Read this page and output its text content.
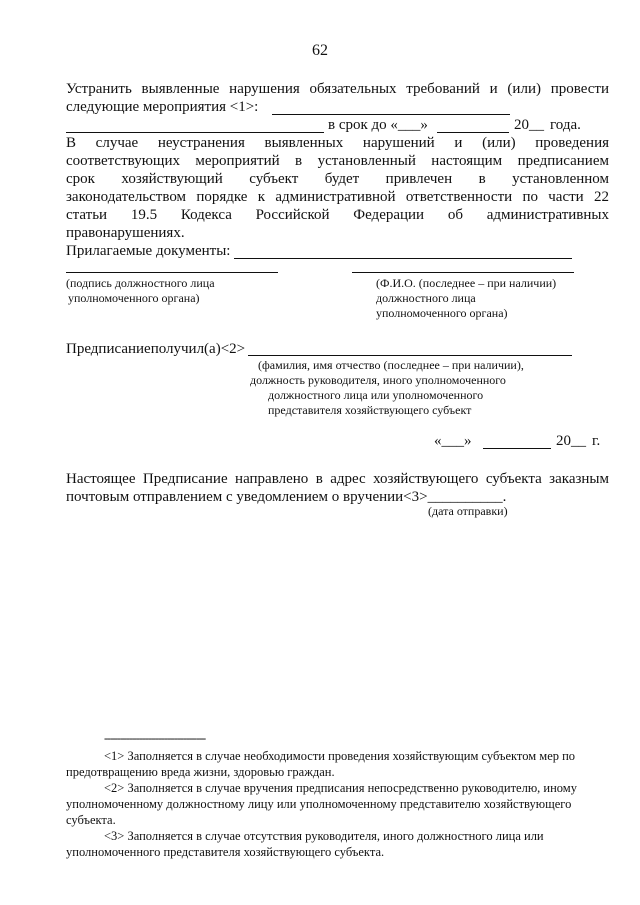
62
Устранить выявленные нарушения обязательных требований и (или) провести
следующие мероприятия <1>:
в срок до «___»	20__ года.
В случае неустранения выявленных нарушений и (или) проведения
соответствующих мероприятий в установленный настоящим предписанием
срок хозяйствующий субъект будет привлечен в установленном
законодательством порядке к административной ответственности по части 22
статьи 19.5 Кодекса Российской Федерации об административных
правонарушениях.
Прилагаемые документы:
(подпись должностного лица
уполномоченного органа)
(Ф.И.О. (последнее – при наличии)
должностного лица
уполномоченного органа)
Предписаниеполучил(а)<2>
(фамилия, имя отчество (последнее – при наличии),
должность руководителя, иного уполномоченного
должностного лица или уполномоченного
представителя хозяйствующего субъект
«___»	20__ г.
Настоящее Предписание направлено в адрес хозяйствующего субъекта заказным
почтовым отправлением с уведомлением о вручении<3>__________.
(дата отправки)
--------------------------------
<1> Заполняется в случае необходимости проведения хозяйствующим субъектом мер по
предотвращению вреда жизни, здоровью граждан.
<2> Заполняется в случае вручения предписания непосредственно руководителю, иному
уполномоченному должностному лицу или уполномоченному представителю хозяйствующего
субъекта.
<3> Заполняется в случае отсутствия руководителя, иного должностного лица или
уполномоченного представителя хозяйствующего субъекта.
